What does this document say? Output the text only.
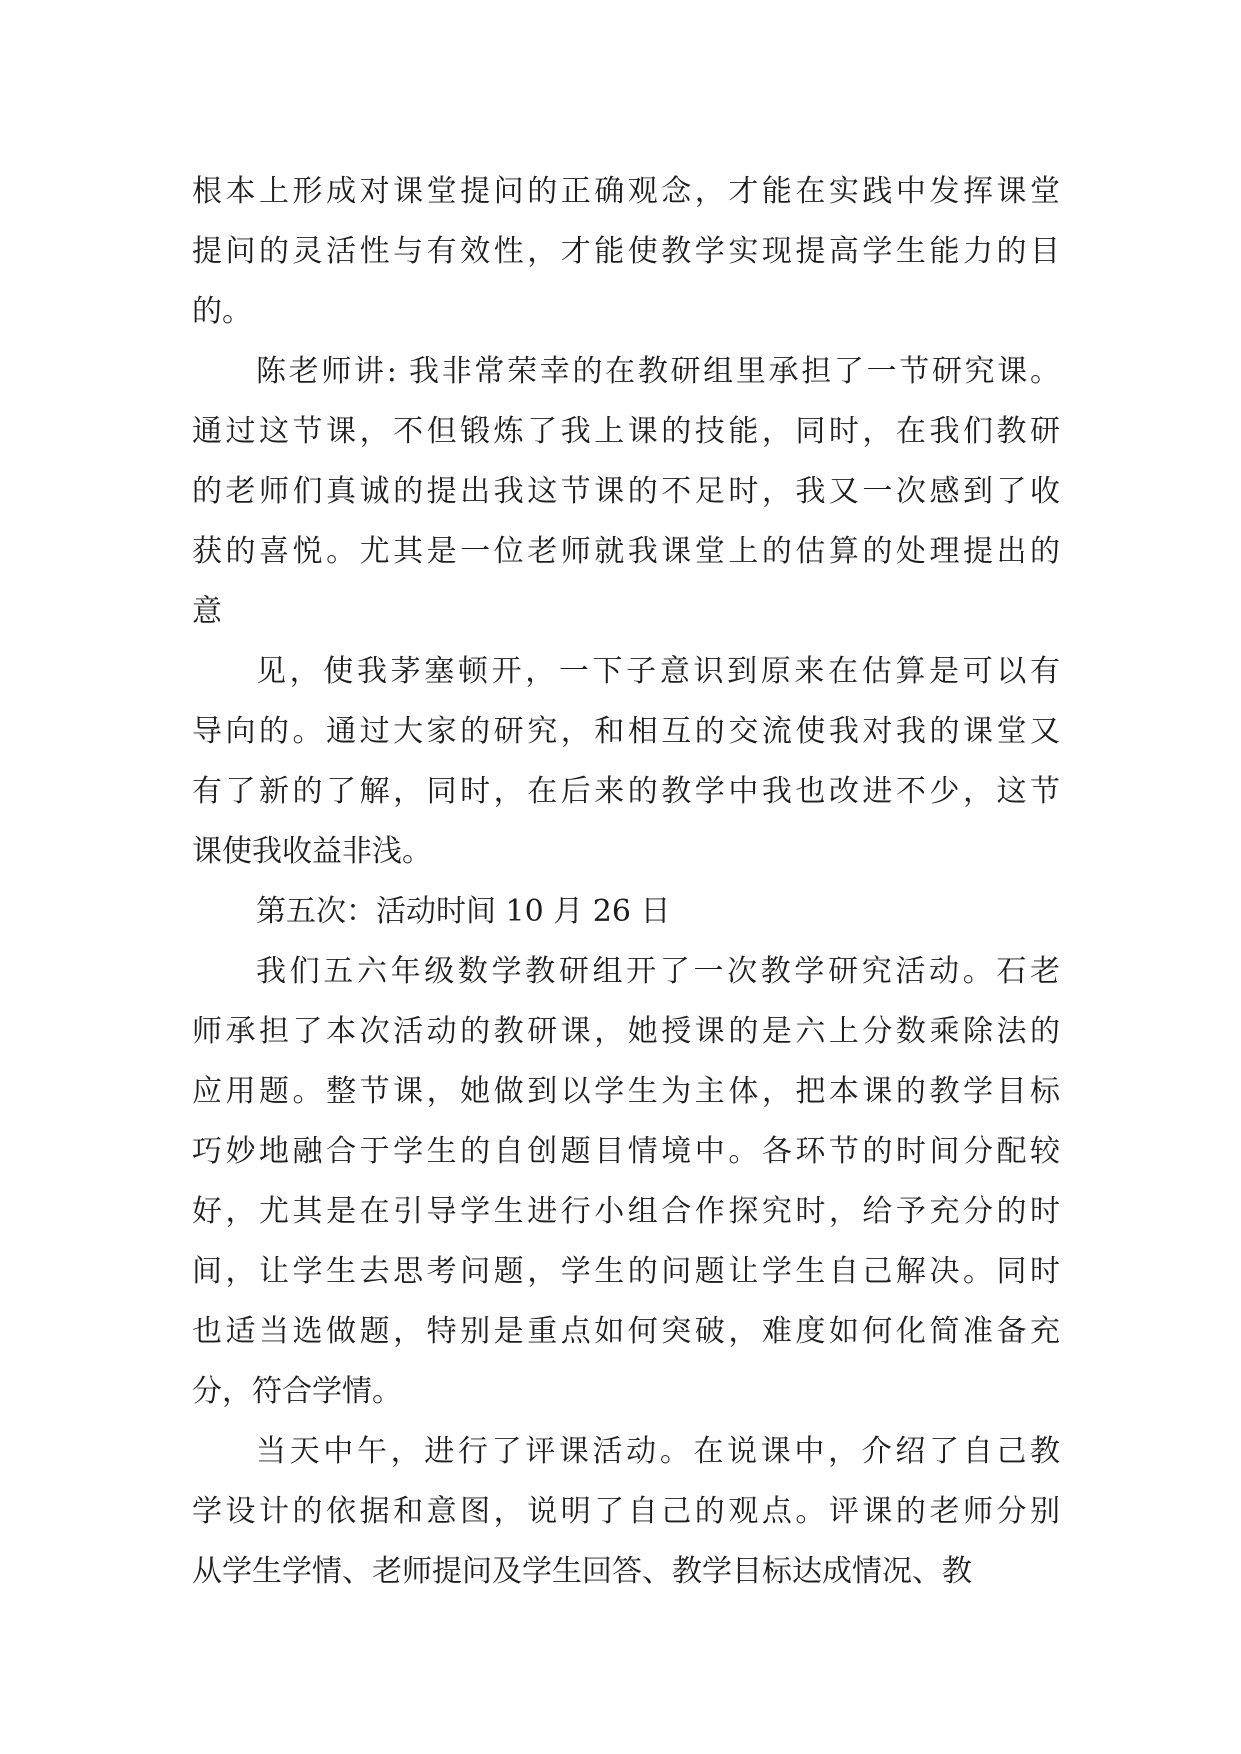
根本上形成对课堂提问的正确观念，才能在实践中发挥课堂
提问的灵活性与有效性，才能使教学实现提高学生能力的目
的。
陈老师讲: 我非常荣幸的在教研组里承担了一节研究课。
通过这节课，不但锻炼了我上课的技能，同时，在我们教研
的老师们真诚的提出我这节课的不足时，我又一次感到了收
获的喜悦。尤其是一位老师就我课堂上的估算的处理提出的
意
见，使我茅塞顿开，一下子意识到原来在估算是可以有
导向的。通过大家的研究，和相互的交流使我对我的课堂又
有了新的了解，同时，在后来的教学中我也改进不少，这节
课使我收益非浅。
第五次：活动时间 10 月 26 日
我们五六年级数学教研组开了一次教学研究活动。石老
师承担了本次活动的教研课，她授课的是六上分数乘除法的
应用题。整节课，她做到以学生为主体，把本课的教学目标
巧妙地融合于学生的自创题目情境中。各环节的时间分配较
好，尤其是在引导学生进行小组合作探究时，给予充分的时
间，让学生去思考问题，学生的问题让学生自己解决。同时
也适当选做题，特别是重点如何突破，难度如何化简准备充
分，符合学情。
当天中午，进行了评课活动。在说课中，介绍了自己教
学设计的依据和意图，说明了自己的观点。评课的老师分别
从学生学情、老师提问及学生回答、教学目标达成情况、教
